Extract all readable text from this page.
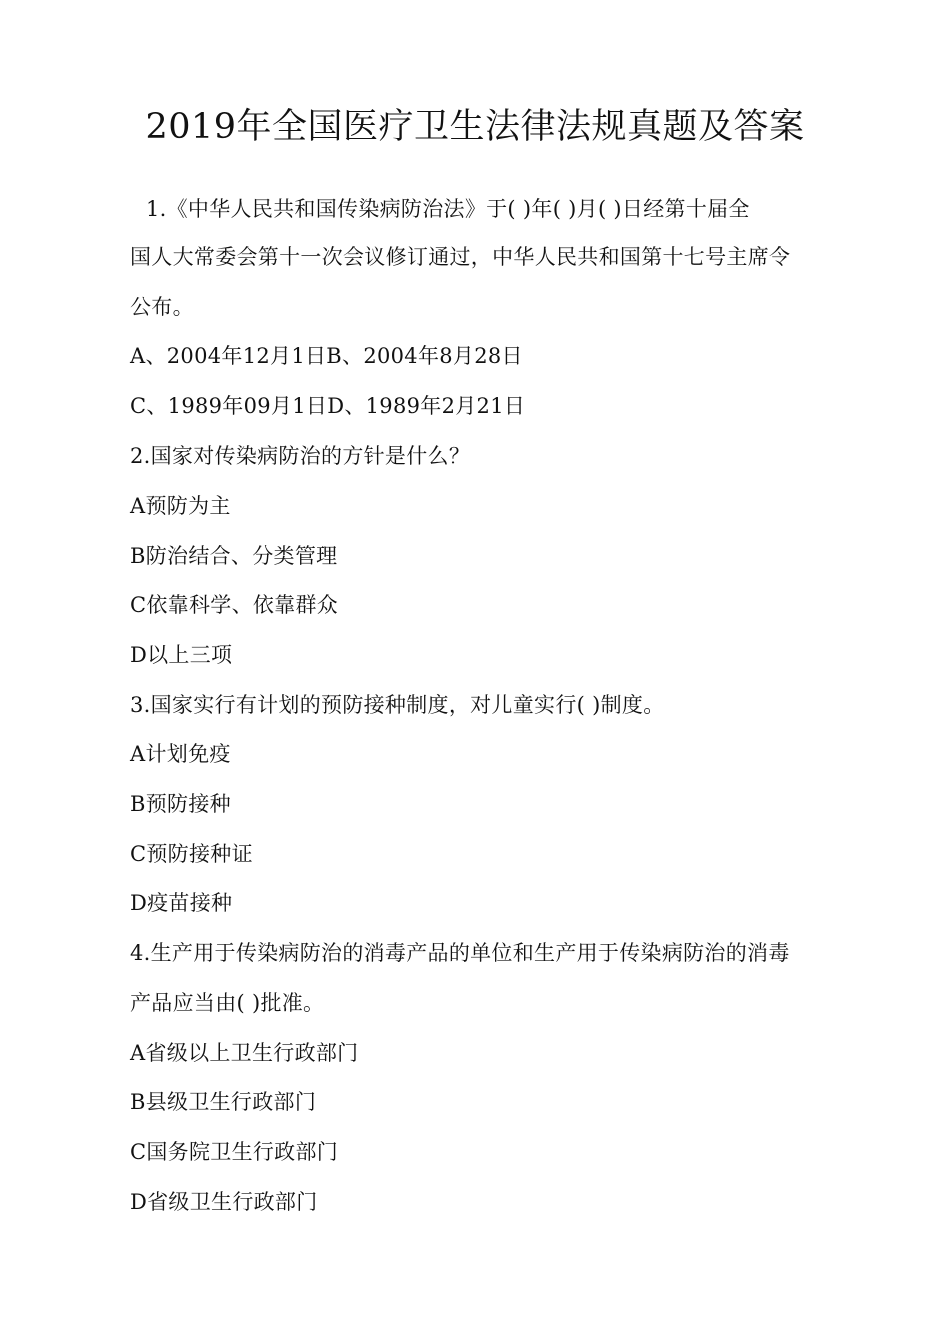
2019年全国医疗卫生法律法规真题及答案
1.《中华人民共和国传染病防治法》于( )年( )月( )日经第十届全
国人大常委会第十一次会议修订通过，中华人民共和国第十七号主席令
公布。
A、2004年12月1日B、2004年8月28日
C、1989年09月1日D、1989年2月21日
2.国家对传染病防治的方针是什么？
A预防为主
B防治结合、分类管理
C依靠科学、依靠群众
D以上三项
3.国家实行有计划的预防接种制度，对儿童实行( )制度。
A计划免疫
B预防接种
C预防接种证
D疫苗接种
4.生产用于传染病防治的消毒产品的单位和生产用于传染病防治的消毒
产品应当由( )批准。
A省级以上卫生行政部门
B县级卫生行政部门
C国务院卫生行政部门
D省级卫生行政部门
